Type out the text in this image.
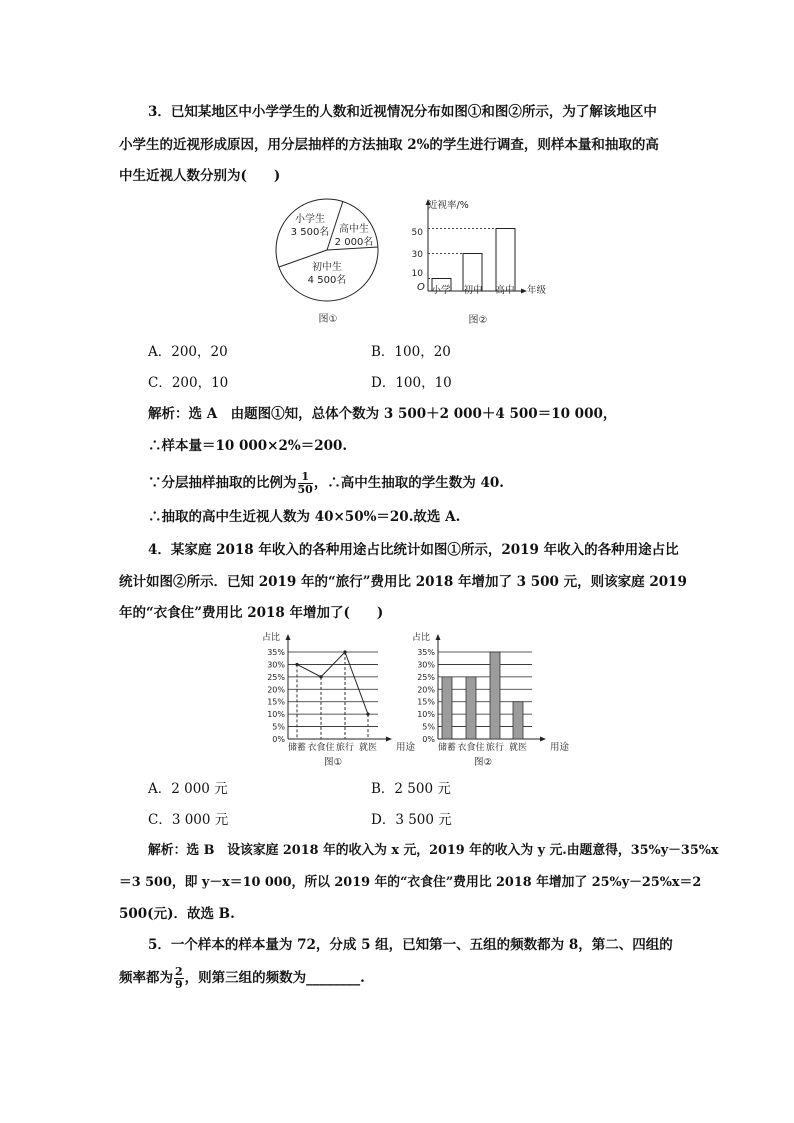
3．已知某地区中小学学生的人数和近视情况分布如图①和图②所示，为了解该地区中
小学生的近视形成原因，用分层抽样的方法抽取 2%的学生进行调查，则样本量和抽取的高
中生近视人数分别为(　　)
小学生
3 500名 高中生
2 000名
初中生
4 500名
图①
近视率/%
O	年级
50
30
10
小学 初中 高中
图②
A．200，20	B．100，20
C．200，10	D．100，10
解析：选 A　由题图①知，总体个数为 3 500＋2 000＋4 500＝10 000，
∴样本量＝10 000×2%＝200.
∵分层抽样抽取的比例为 $\frac{1}{50}$ ，∴高中生抽取的学生数为 40.
∴抽取的高中生近视人数为 40×50%＝20.故选 A.
4．某家庭 2018 年收入的各种用途占比统计如图①所示，2019 年收入的各种用途占比
统计如图②所示．已知 2019 年的“旅行”费用比 2018 年增加了 3 500 元，则该家庭 2019
年的“衣食住”费用比 2018 年增加了(　　)
占比
35%
30%
25%
20%
15%
10%
5%
0%
用途
储蓄 衣食住 旅行 就医
图①
占比
35%
30%
25%
20%
15%
10%
5%
0%
用途
储蓄 衣食住 旅行 就医
图②
A．2 000 元	B．2 500 元
C．3 000 元	D．3 500 元
解析：选 B　设该家庭 2018 年的收入为 x 元，2019 年的收入为 y 元.由题意得，35%y－35%x
＝3 500，即 y－x＝10 000，所以 2019 年的“衣食住”费用比 2018 年增加了 25%y－25%x＝2
500(元)．故选 B.
5．一个样本的样本量为 72，分成 5 组，已知第一、五组的频数都为 8，第二、四组的
频率都为 $\frac{2}{9}$ ，则第三组的频数为________.
